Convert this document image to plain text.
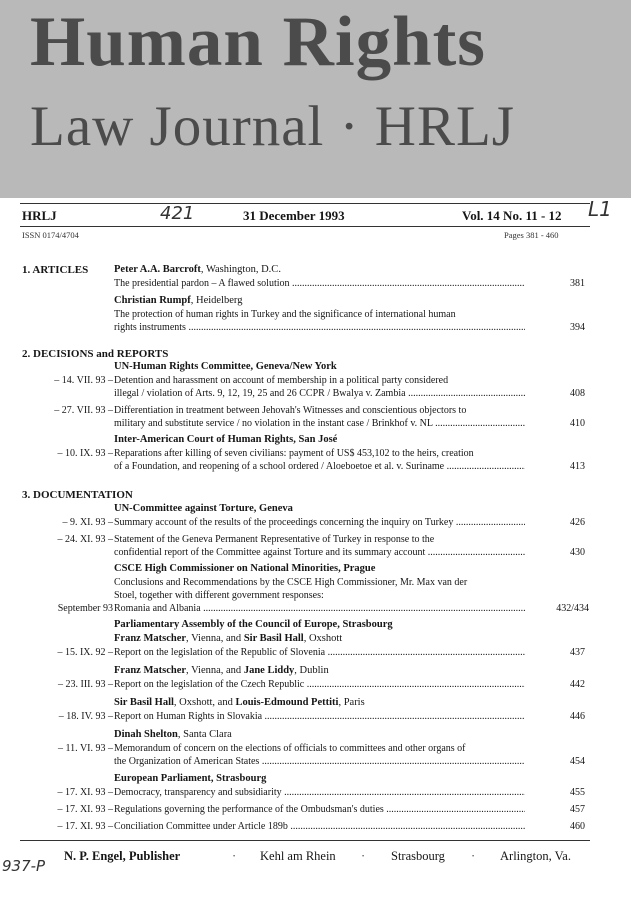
Human Rights
Law Journal · HRLJ
HRLJ	421	31 December 1993	Vol. 14 No. 11 - 12 L1
ISSN 0174/4704	Pages 381 - 460
1. ARTICLES Peter A.A. Barcroft, Washington, D.C.
The presidential pardon – A flawed solution .....	381
Christian Rumpf, Heidelberg
The protection of human rights in Turkey and the significance of international human
rights instruments .....	394
2. DECISIONS and REPORTS
UN-Human Rights Committee, Geneva/New York
– 14. VII. 93 – Detention and harassment on account of membership in a political party considered
illegal / violation of Arts. 9, 12, 19, 25 and 26 CCPR / Bwalya v. Zambia .....	408
– 27. VII. 93 – Differentiation in treatment between Jehovah's Witnesses and conscientious objectors to
military and substitute service / no violation in the instant case / Brinkhof v. NL .....	410
Inter-American Court of Human Rights, San José
– 10. IX. 93 – Reparations after killing of seven civilians: payment of US$ 453,102 to the heirs, creation
of a Foundation, and reopening of a school ordered / Aloeboetoe et al. v. Suriname .....	413
3. DOCUMENTATION
UN-Committee against Torture, Geneva
– 9. XI. 93 – Summary account of the results of the proceedings concerning the inquiry on Turkey .....	426
– 24. XI. 93 – Statement of the Geneva Permanent Representative of Turkey in response to the
confidential report of the Committee against Torture and its summary account .....	430
CSCE High Commissioner on National Minorities, Prague
Conclusions and Recommendations by the CSCE High Commissioner, Mr. Max van der
Stoel, together with different government responses:
September 93 Romania and Albania .....	432/434
Parliamentary Assembly of the Council of Europe, Strasbourg
Franz Matscher, Vienna, and Sir Basil Hall, Oxshott
– 15. IX. 92 – Report on the legislation of the Republic of Slovenia .....	437
Franz Matscher, Vienna, and Jane Liddy, Dublin
– 23. III. 93 – Report on the legislation of the Czech Republic .....	442
Sir Basil Hall, Oxshott, and Louis-Edmound Pettiti, Paris
– 18. IV. 93 – Report on Human Rights in Slovakia .....	446
Dinah Shelton, Santa Clara
– 11. VI. 93 – Memorandum of concern on the elections of officials to committees and other organs of
the Organization of American States .....	454
European Parliament, Strasbourg
– 17. XI. 93 – Democracy, transparency and subsidiarity .....	455
– 17. XI. 93 – Regulations governing the performance of the Ombudsman's duties .....	457
– 17. XI. 93 – Conciliation Committee under Article 189b .....	460
N. P. Engel, Publisher	· Kehl am Rhein · Strasbourg · Arlington, Va.
937-P
